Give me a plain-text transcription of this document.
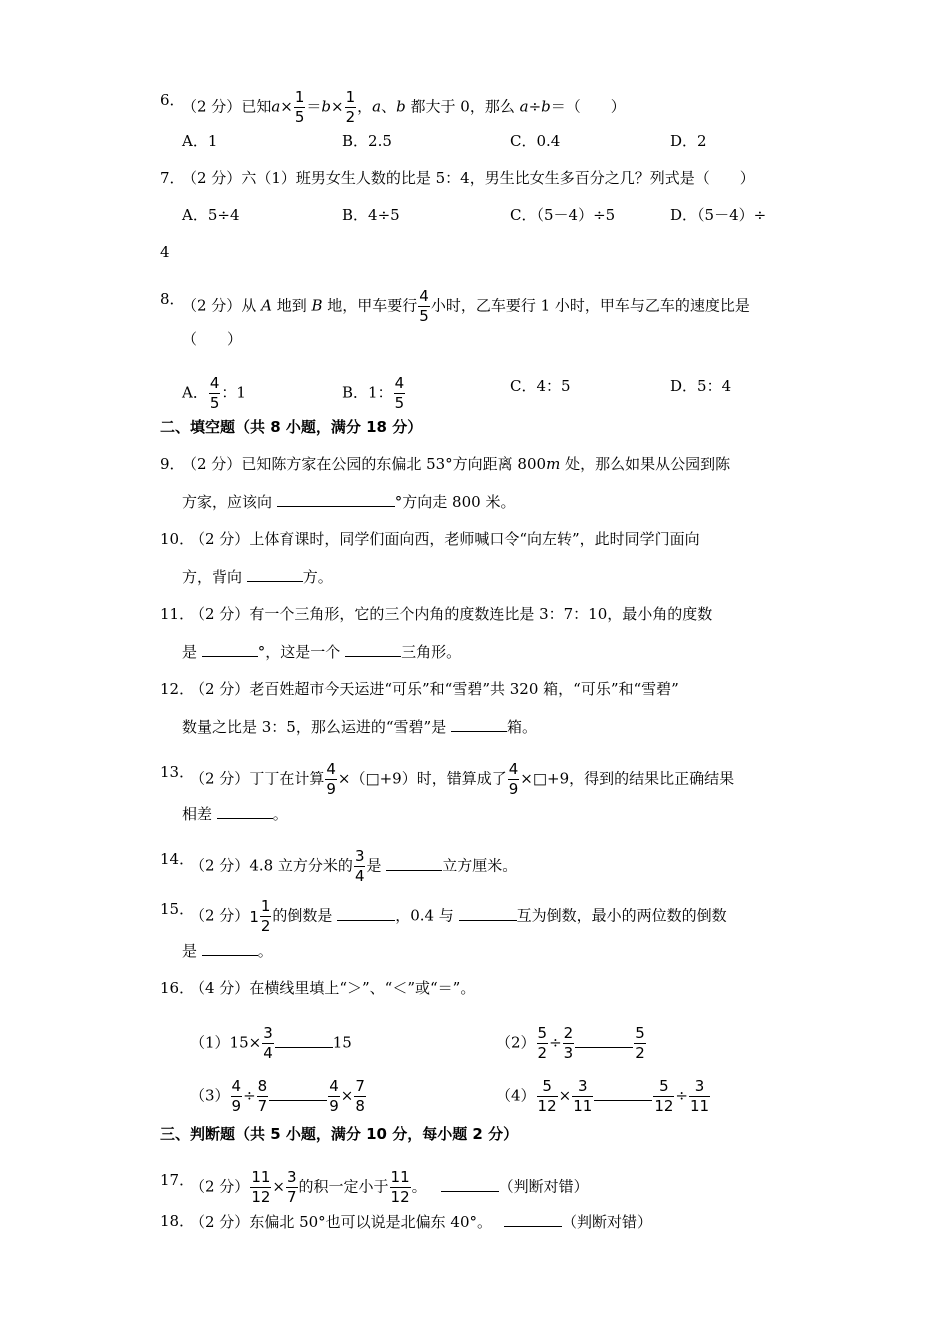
6．
（2 分）已知$a\times \frac{1}{5} =b\times \frac{1}{2}$ ，a、b 都大于 0，那么 a÷b＝（　　）
A．1	B．2.5	C．0.4	D．2
7．
（2 分）六（1）班男女生人数的比是 5：4，男生比女生多百分之几？列式是（　　）
A．5÷4	B．4÷5	C．（5－4）÷5	D．（5－4）÷
4
8．
（2 分）从 A 地到 B 地，甲车要行 $\frac{4}{5}$ 小时，乙车要行 1 小时，甲车与乙车的速度比是
（　　）
A． $\frac{4}{5}$ ：1	B．1： $\frac{4}{5}$	C．4：5	D．5：4
二、填空题（共 8 小题，满分 18 分）
9．
（2 分）已知陈方家在公园的东偏北 53°方向距离 800m 处，那么如果从公园到陈
方家，应该向	°方向走 800 米。
10．
（2 分）上体育课时，同学们面向西，老师喊口令“向左转”，此时同学门面向
方，背向	方。
11．
（2 分）有一个三角形，它的三个内角的度数连比是 3：7：10，最小角的度数
是	°，这是一个	三角形。
12．
（2 分）老百姓超市今天运进“可乐”和“雪碧”共 320 箱，“可乐”和“雪碧”
数量之比是 3：5，那么运进的“雪碧”是	箱。
13．
（2 分）丁丁在计算 $\frac{4}{9}$ ×（□+9）时，错算成了 $\frac{4}{9}$ ×□+9，得到的结果比正确结果
相差	。
14．
（2 分）4.8 立方分米的 $\frac{3}{4}$ 是	立方厘米。
15．
（2 分）$1 \frac{1}{2}$ 的倒数是	，0.4 与	互为倒数，最小的两位数的倒数
是	。
16．
（4 分）在横线里填上“＞”、“＜”或“＝”。
$(1)15\times \frac{3}{4}$	15	$(2) \frac{5}{2} \div \frac{2}{3}$	$\frac{5}{2}$
$(3) \frac{4}{9} \div \frac{8}{7}$	$\frac{4}{9} \times \frac{7}{8}$	$(4) \frac{5}{12} \times \frac{3}{11}$	$\frac{5}{12} \div \frac{3}{11}$
三、判断题（共 5 小题，满分 10 分，每小题 2 分）
17．
（2 分） $\frac{11}{12} \times \frac{3}{7}$ 的积一定小于 $\frac{11}{12}$ 。	（判断对错）
18．
（2 分）东偏北 50°也可以说是北偏东 40°。	（判断对错）
